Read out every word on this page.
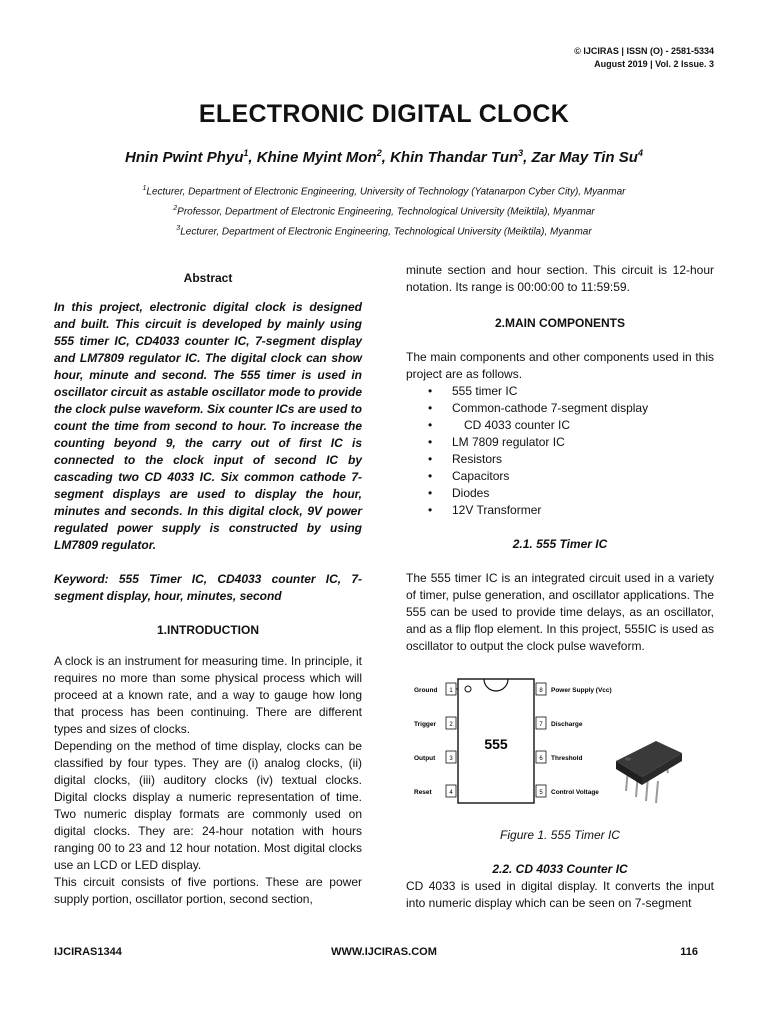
© IJCIRAS | ISSN (O) - 2581-5334
August 2019 | Vol. 2 Issue. 3
ELECTRONIC DIGITAL CLOCK
Hnin Pwint Phyu$^1$, Khine Myint Mon$^2$, Khin Thandar Tun$^3$, Zar May Tin Su$^4$
$^1$Lecturer, Department of Electronic Engineering, University of Technology (Yatanarpon Cyber City), Myanmar
$^2$Professor, Department of Electronic Engineering, Technological University (Meiktila), Myanmar
$^3$Lecturer, Department of Electronic Engineering, Technological University (Meiktila), Myanmar

Abstract

In this project, electronic digital clock is designed and built. This circuit is developed by mainly using 555 timer IC, CD4033 counter IC, 7-segment display and LM7809 regulator IC. The digital clock can show hour, minute and second. The 555 timer is used in oscillator circuit as astable oscillator mode to provide the clock pulse waveform. Six counter ICs are used to count the time from second to hour. To increase the counting beyond 9, the carry out of first IC is connected to the clock input of second IC by cascading two CD 4033 IC. Six common cathode 7-segment displays are used to display the hour, minutes and seconds. In this digital clock, 9V power regulated power supply is constructed by using LM7809 regulator.

Keyword: 555 Timer IC, CD4033 counter IC, 7-segment display, hour, minutes, second

1.INTRODUCTION

A clock is an instrument for measuring time. In principle, it requires no more than some physical process which will proceed at a known rate, and a way to gauge how long that process has been continuing. There are different types and sizes of clocks.

Depending on the method of time display, clocks can be classified by four types. They are (i) analog clocks, (ii) digital clocks, (iii) auditory clocks (iv) textual clocks. Digital clocks display a numeric representation of time. Two numeric display formats are commonly used on digital clocks. They are: 24-hour notation with hours ranging 00 to 23 and 12 hour notation. Most digital clocks use an LCD or LED display.

This circuit consists of five portions. These are power supply portion, oscillator portion, second section,

minute section and hour section. This circuit is 12-hour notation. Its range is 00:00:00 to 11:59:59.

2.MAIN COMPONENTS

The main components and other components used in this project are as follows.

• 555 timer IC
• Common-cathode 7-segment display
• CD 4033 counter IC
• LM 7809 regulator IC
• Resistors
• Capacitors
• Diodes
• 12V Transformer

2.1. 555 Timer IC

The 555 timer IC is an integrated circuit used in a variety of timer, pulse generation, and oscillator applications. The 555 can be used to provide time delays, as an oscillator, and as a flip flop element. In this project, 555IC is used as oscillator to output the clock pulse waveform.

555
1
Ground
2
Trigger
3
Output
4
Reset
8 Power Supply (Vcc)
7 Discharge
6 Threshold
5 Control Voltage

Figure 1. 555 Timer IC

2.2. CD 4033 Counter IC

CD 4033 is used in digital display. It converts the input into numeric display which can be seen on 7-segment

IJCIRAS1344	WWW.IJCIRAS.COM	116
